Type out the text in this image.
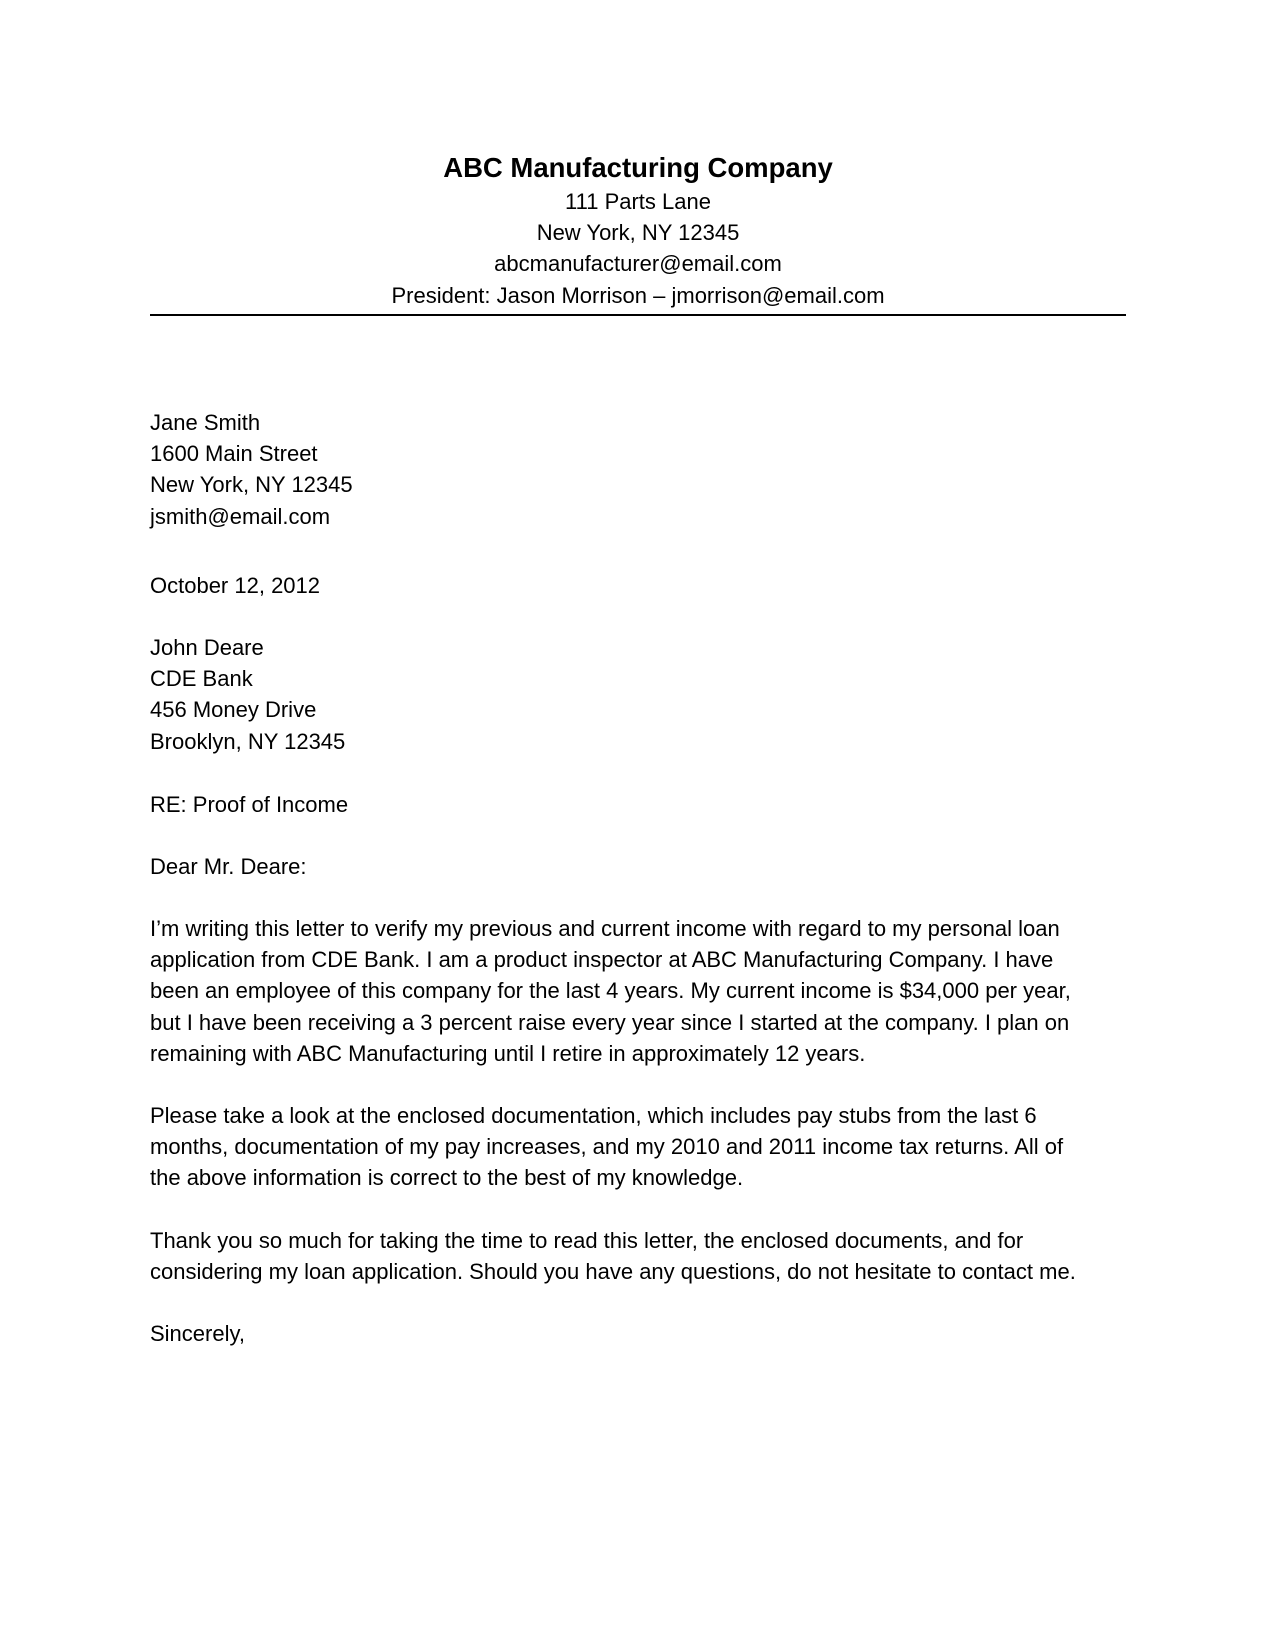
ABC Manufacturing Company
111 Parts Lane
New York, NY 12345
abcmanufacturer@email.com
President: Jason Morrison – jmorrison@email.com
Jane Smith
1600 Main Street
New York, NY 12345
jsmith@email.com
October 12, 2012
John Deare
CDE Bank
456 Money Drive
Brooklyn, NY 12345
RE: Proof of Income
Dear Mr. Deare:
I’m writing this letter to verify my previous and current income with regard to my personal loan
application from CDE Bank. I am a product inspector at ABC Manufacturing Company. I have
been an employee of this company for the last 4 years. My current income is $34,000 per year,
but I have been receiving a 3 percent raise every year since I started at the company. I plan on
remaining with ABC Manufacturing until I retire in approximately 12 years.
Please take a look at the enclosed documentation, which includes pay stubs from the last 6
months, documentation of my pay increases, and my 2010 and 2011 income tax returns. All of
the above information is correct to the best of my knowledge.
Thank you so much for taking the time to read this letter, the enclosed documents, and for
considering my loan application. Should you have any questions, do not hesitate to contact me.
Sincerely,
